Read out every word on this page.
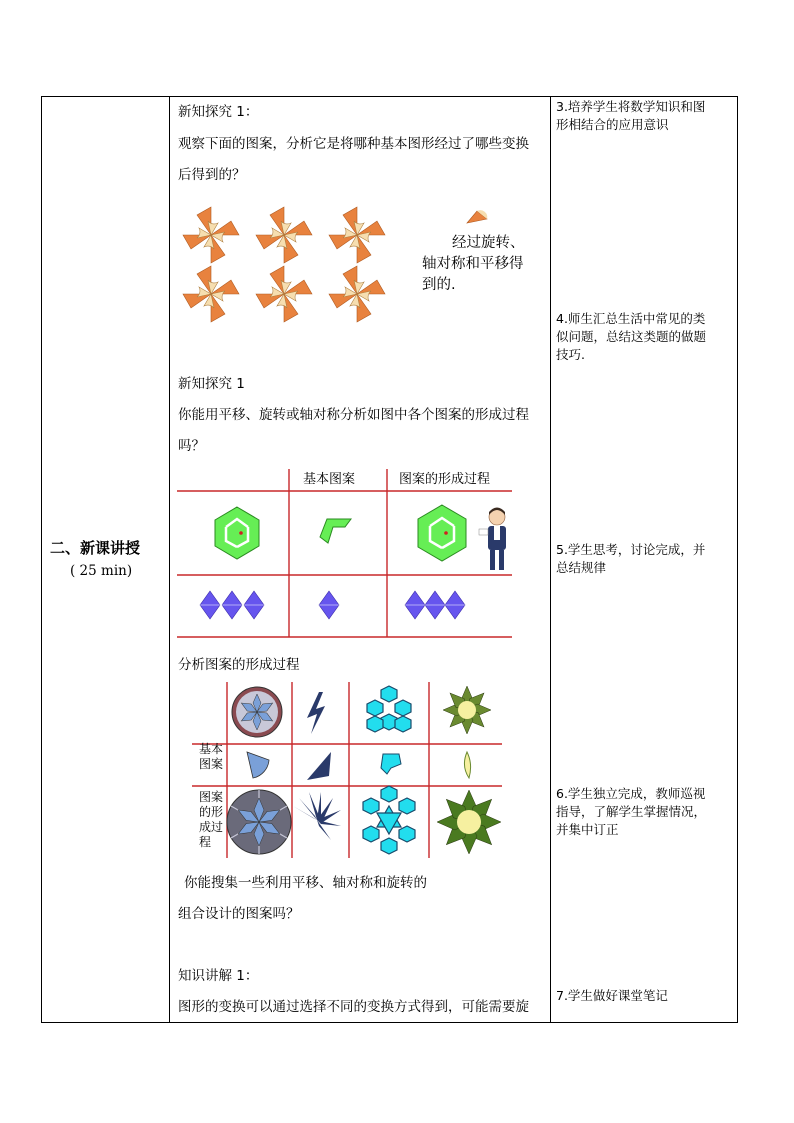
二、新课讲授
( 25 min)
新知探究 1：
观察下面的图案，分析它是将哪种基本图形经过了哪些变换
后得到的？
经过旋转、
轴对称和平移得
到的.
新知探究 1
你能用平移、旋转或轴对称分析如图中各个图案的形成过程
吗？
基本图案	图案的形成过程
分析图案的形成过程
基本
图案
图案
的形
成过
程
你能搜集一些利用平移、轴对称和旋转的
组合设计的图案吗？
知识讲解 1：
图形的变换可以通过选择不同的变换方式得到，可能需要旋
3.培养学生将数学知识和图
形相结合的应用意识
4.师生汇总生活中常见的类
似问题，总结这类题的做题
技巧.
5.学生思考，讨论完成，并
总结规律
6.学生独立完成，教师巡视
指导，了解学生掌握情况，
并集中订正
7.学生做好课堂笔记
